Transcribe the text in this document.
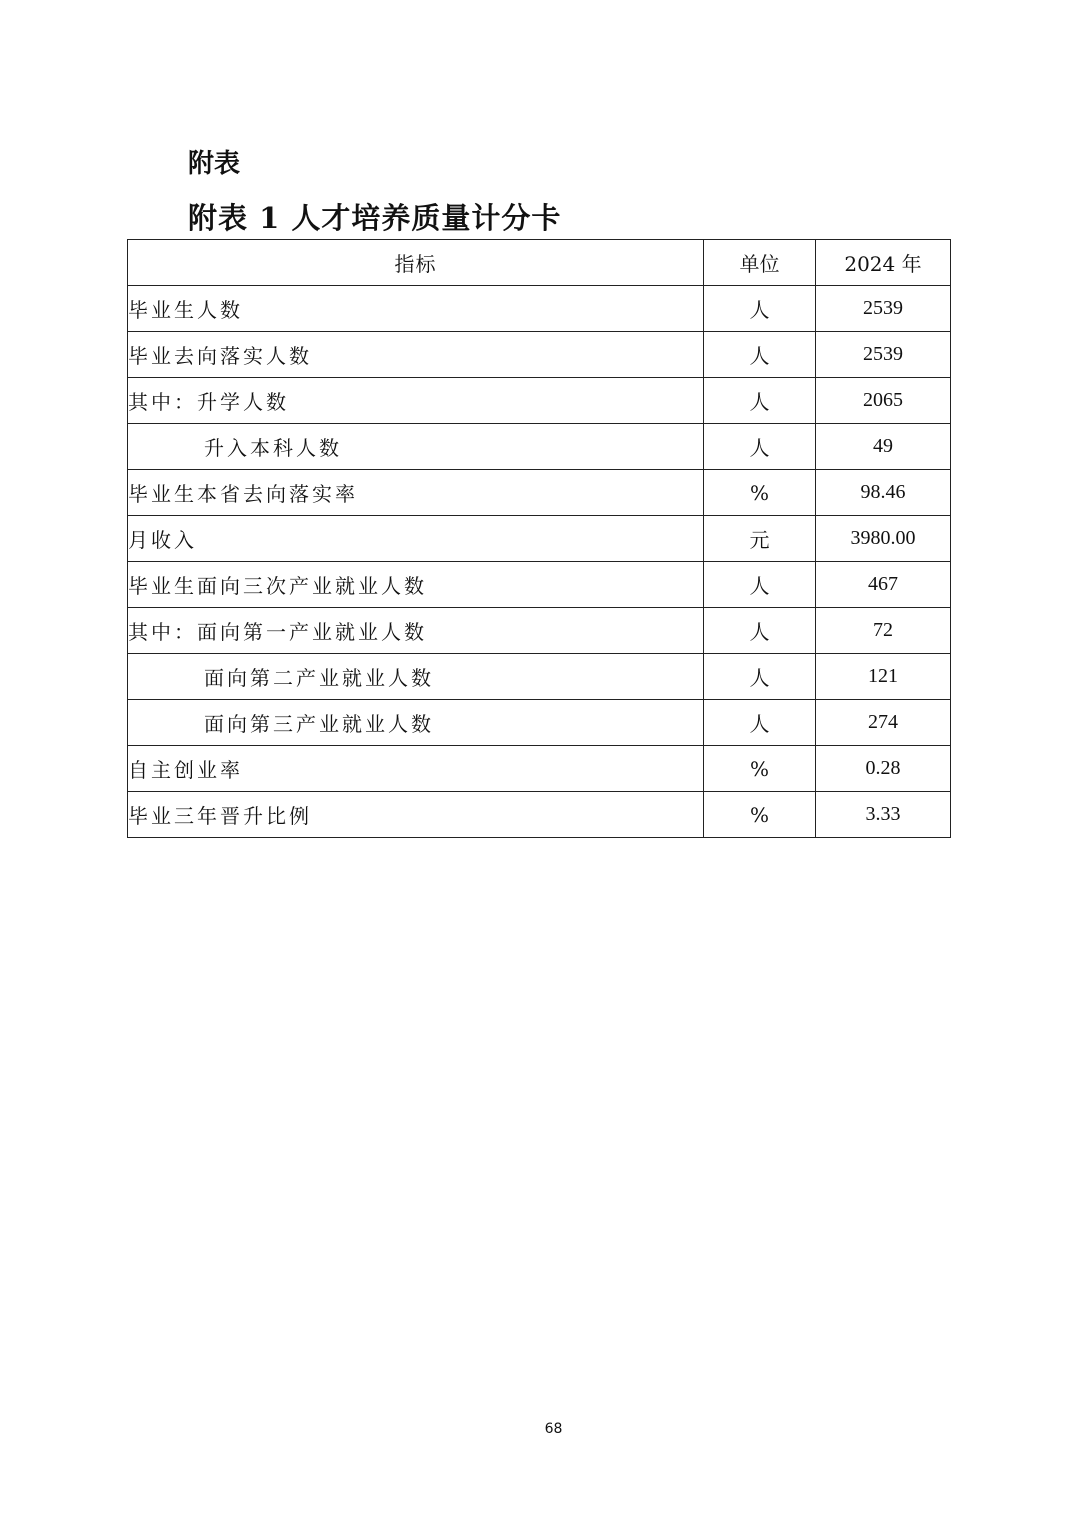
附表
附表 1 人才培养质量计分卡
指标	单位	2024 年
毕业生人数	人	2539
毕业去向落实人数	人	2539
其中：升学人数	人	2065
升入本科人数	人	49
毕业生本省去向落实率	%	98.46
月收入	元	3980.00
毕业生面向三次产业就业人数	人	467
其中：面向第一产业就业人数	人	72
面向第二产业就业人数	人	121
面向第三产业就业人数	人	274
自主创业率	%	0.28
毕业三年晋升比例	%	3.33
68
